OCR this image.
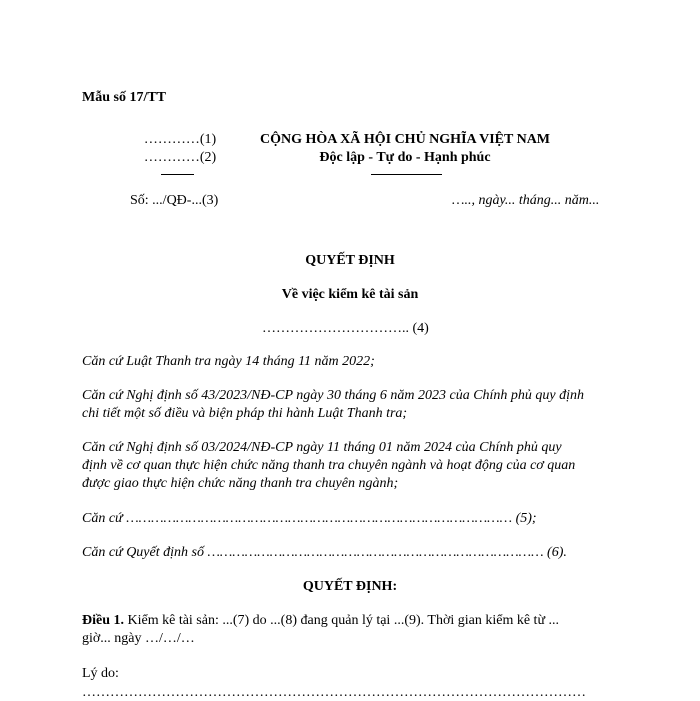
Mẫu số 17/TT
…………(1)
…………(2)
Số: .../QĐ-...(3)
CỘNG HÒA XÃ HỘI CHỦ NGHĨA VIỆT NAM
Độc lập - Tự do - Hạnh phúc
….., ngày... tháng... năm...
QUYẾT ĐỊNH
Về việc kiểm kê tài sản
………………………….. (4)
Căn cứ Luật Thanh tra ngày 14 tháng 11 năm 2022;
Căn cứ Nghị định số 43/2023/NĐ-CP ngày 30 tháng 6 năm 2023 của Chính phủ quy định
chi tiết một số điều và biện pháp thi hành Luật Thanh tra;
Căn cứ Nghị định số 03/2024/NĐ-CP ngày 11 tháng 01 năm 2024 của Chính phủ quy
định về cơ quan thực hiện chức năng thanh tra chuyên ngành và hoạt động của cơ quan
được giao thực hiện chức năng thanh tra chuyên ngành;
Căn cứ ………………………………………………………………………………… (5);
Căn cứ Quyết định số ……………………………………………………………………… (6).
QUYẾT ĐỊNH:
Điều 1. Kiểm kê tài sản: ...(7) do ...(8) đang quản lý tại ...(9). Thời gian kiểm kê từ ...
giờ... ngày …/…/…
Lý do:
………………………………………………………………………………………………
